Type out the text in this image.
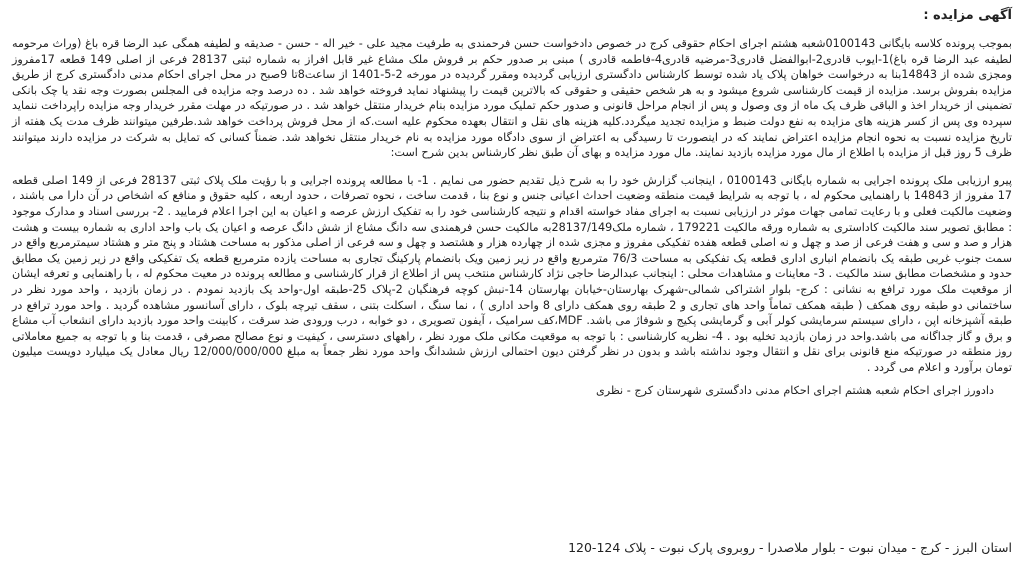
آگهی مزایده :

بموجب پرونده کلاسه بایگانی 0100143شعبه هشتم اجرای احکام حقوقی کرج در خصوص دادخواست حسن فرحمندی به طرفیت مجید علی - خیر اله - حسن - صدیقه و لطیفه همگی عبد الرضا قره باغ (وراث مرحومه لطیفه عبد الرضا قره باغ)1-ایوب قادری2-ابوالفضل قادری3-مرضیه قادری4-فاطمه قادری ) مبنی بر صدور حکم بر فروش ملک مشاع غیر قابل افراز به شماره ثبتی 28137 فرعی از اصلی 149 قطعه 17مفروز ومجزی شده از 14843بنا به درخواست خواهان پلاک یاد شده توسط کارشناس دادگستری ارزیابی گردیده ومقرر گردیده در مورخه 2-5-1401 از ساعت8تا 9صبح در محل اجرای احکام مدنی دادگستری کرج از طریق مزایده بفروش برسد. مزایده از قیمت کارشناسی شروع میشود و به هر شخص حقیقی و حقوقی که بالاترین قیمت را پیشنهاد نماید فروخته خواهد شد . ده درصد وجه مزایده فی المجلس بصورت وجه نقد یا چک بانکی تضمینی از خریدار اخذ و الباقی ظرف یک ماه از وی وصول و پس از انجام مراحل قانونی و صدور حکم تملیک مورد مزایده بنام خریدار منتقل خواهد شد . در صورتیکه در مهلت مقرر خریدار وجه مزایده راپرداخت ننماید سپرده وی پس از کسر هزینه های مزایده به نفع دولت ضبط و مزایده تجدید میگردد.کلیه هزینه های نقل و انتقال بعهده محکوم علیه است.که از محل فروش پرداخت خواهد شد.طرفین میتوانند ظرف مدت یک هفته از تاریخ مزایده نسبت به نحوه انجام مزایده اعتراض نمایند که در اینصورت تا رسیدگی به اعتراض از سوی دادگاه مورد مزایده به نام خریدار منتقل نخواهد شد. ضمناً کسانی که تمایل به شرکت در مزایده دارند میتوانند ظرف 5 روز قبل از مزایده با اطلاع از مال مورد مزایده بازدید نمایند. مال مورد مزایده و بهای آن طبق نظر کارشناس بدین شرح است:

پیرو ارزیابی ملک پرونده اجرایی به شماره بایگانی 0100143 ، اینجانب گزارش خود را به شرح ذیل تقدیم حضور می نمایم . 1- با مطالعه پرونده اجرایی و با رؤیت ملک پلاک ثبتی 28137 فرعی از 149 اصلی قطعه 17 مفروز از 14843 با راهنمایی محکوم له ، با توجه به شرایط قیمت منطقه وضعیت احداث اعیانی جنس و نوع بنا ، قدمت ساخت ، نحوه تصرفات ، حدود اربعه ، کلیه حقوق و منافع که اشخاص در آن دارا می باشند ، وضعیت مالکیت فعلی و با رعایت تمامی جهات موثر در ارزیابی نسبت به اجرای مفاد خواسته اقدام و نتیجه کارشناسی خود را به تفکیک ارزش عرصه و اعیان به این اجرا اعلام فرمایید . 2- بررسی اسناد و مدارک موجود : مطابق تصویر سند مالکیت کاداستری به شماره ورقه مالکیت 179221 ، شماره ملک28137/149به مالکیت حسن فرهمندی سه دانگ مشاع از شش دانگ عرصه و اعیان یک باب واحد اداری به شماره بیست و هشت هزار و صد و سی و هفت فرعی از صد و چهل و نه اصلی قطعه هفده تفکیکی مفروز و مجزی شده از چهارده هزار و هشتصد و چهل و سه فرعی از اصلی مذکور به مساحت هشتاد و پنج متر و هشتاد سیمترمربع واقع در سمت جنوب غربی طبقه یک بانضمام انباری اداری قطعه یک تفکیکی به مساحت 76/3 مترمربع واقع در زیر زمین ویک بانضمام پارکینگ تجاری به مساحت یازده مترمربع قطعه یک تفکیکی واقع در زیر زمین یک مطابق حدود و مشخصات مطابق سند مالکیت . 3- معاینات و مشاهدات محلی : اینجانب عبدالرضا حاجی نژاد کارشناس منتخب پس از اطلاع از قرار کارشناسی و مطالعه پرونده در معیت محکوم له ، با راهنمایی و تعرفه ایشان از موقعیت ملک مورد ترافع به نشانی : کرج- بلوار اشتراکی شمالی-شهرک بهارستان-خیابان بهارستان 14-نبش کوچه فرهنگیان 2-پلاک 25-طبقه اول-واحد یک بازدید نمودم . در زمان بازدید ، واحد مورد نظر در ساختمانی دو طبقه روی همکف ( طبقه همکف تماماً واحد های تجاری و 2 طبقه روی همکف دارای 8 واحد اداری ) ، نما سنگ ، اسکلت بتنی ، سقف تیرچه بلوک ، دارای آسانسور مشاهده گردید . واحد مورد ترافع در طبقه آشپزخانه اپن ، دارای سیستم سرمایشی کولر آبی و گرمایشی پکیج و شوفاژ می باشد. MDF،کف سرامیک ، آیفون تصویری ، دو خوابه ، درب ورودی ضد سرقت ، کابینت واحد مورد بازدید دارای انشعاب آب مشاع و برق و گاز جداگانه می باشد.واحد در زمان بازدید تخلیه بود . 4- نظریه کارشناسی : با توجه به موقعیت مکانی ملک مورد نظر ، راههای دسترسی ، کیفیت و نوع مصالح مصرفی ، قدمت بنا و با توجه به جمیع معاملاتی روز منطقه در صورتیکه منع قانونی برای نقل و انتقال وجود نداشته باشد و بدون در نظر گرفتن دیون احتمالی ارزش ششدانگ واحد مورد نظر جمعاً به مبلغ 12/000/000/000 ریال معادل یک میلیارد دویست میلیون تومان برآورد و اعلام می گردد .

دادورز اجرای احکام شعبه هشتم اجرای احکام مدنی دادگستری شهرستان کرج - نظری
استان البرز - کرج - میدان نبوت - بلوار ملاصدرا - روبروی پارک نبوت - پلاک 124-120
